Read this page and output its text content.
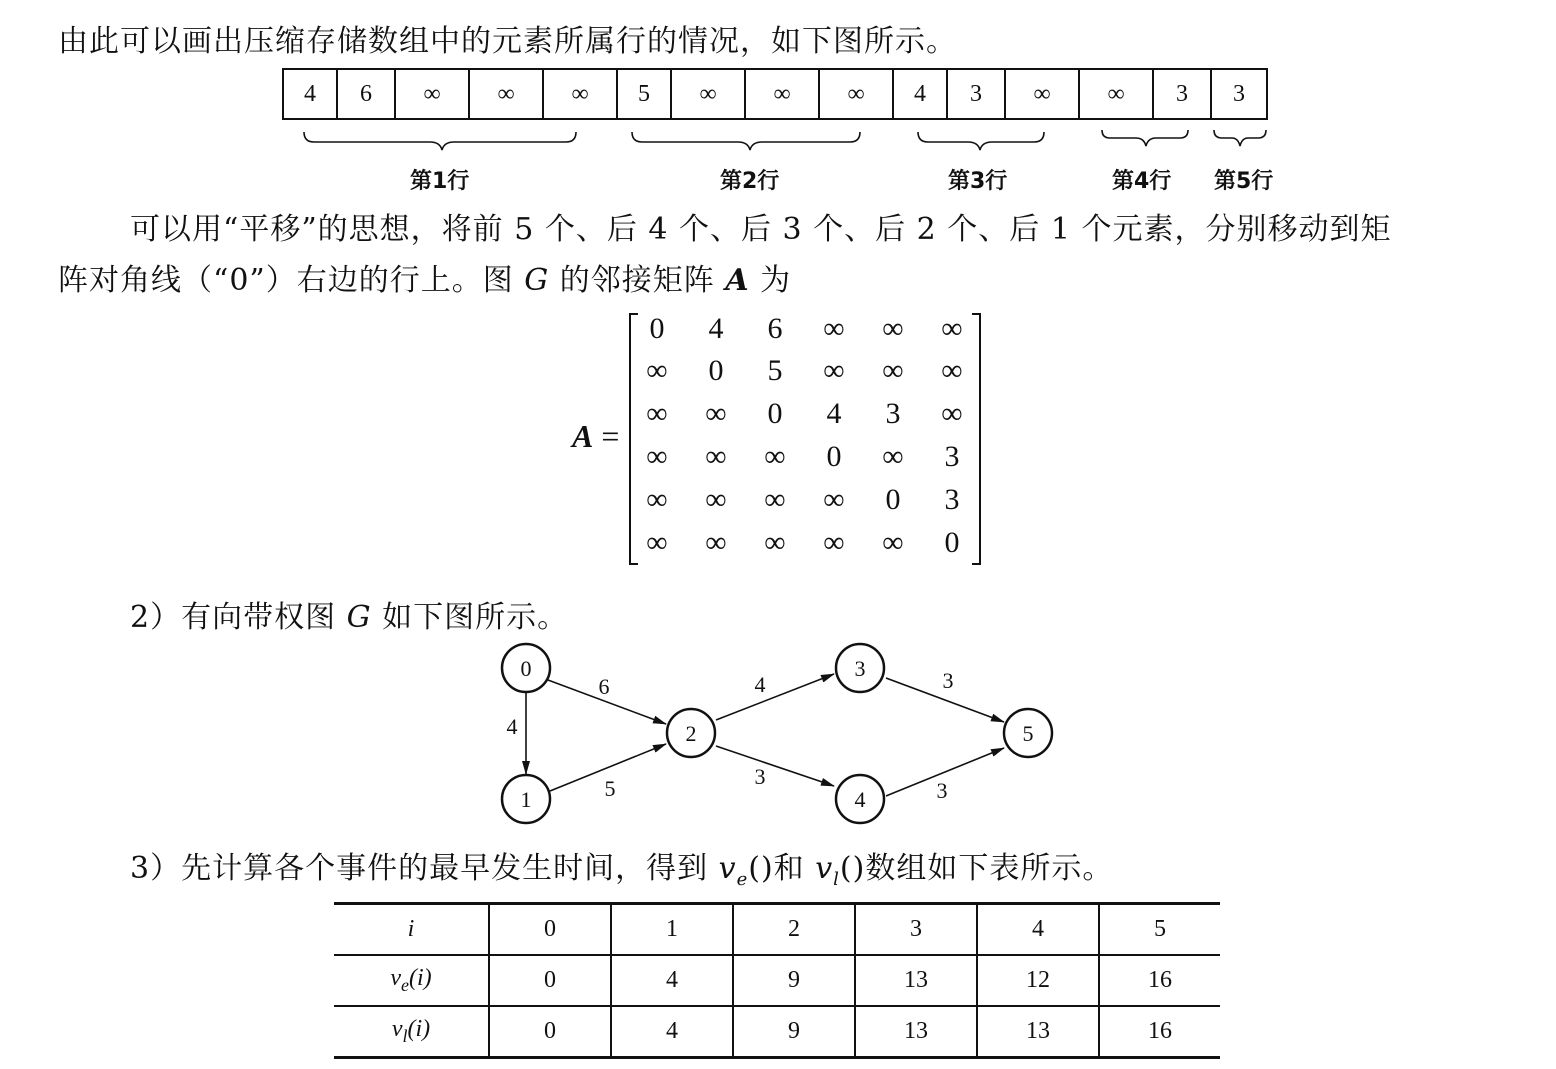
由此可以画出压缩存储数组中的元素所属行的情况，如下图所示。
4	6	∞	∞	∞	5	∞	∞	∞	4	3	∞	∞	3	3
第1行	第2行	第3行	第4行 第5行
可以用“平移”的思想，将前 5 个、后 4 个、后 3 个、后 2 个、后 1 个元素，分别移动到矩
阵对角线（“0”）右边的行上。图 G 的邻接矩阵 A 为
A =
0	4	6	∞	∞	∞
∞	0	5	∞	∞	∞
∞	∞	0	4	3	∞
∞	∞	∞	0	∞	3
∞	∞	∞	∞	0	3
∞	∞	∞	∞	∞	0
2）有向带权图 G 如下图所示。
4
6
5
4
3
3
3
0
1
2
3
4
5
3）先计算各个事件的最早发生时间，得到 $v_e()$和 $v_l()$数组如下表所示。
i	0	1	2	3	4	5
$v_e(i)$	0	4	9	13	12	16
$v_l(i)$	0	4	9	13	13	16
